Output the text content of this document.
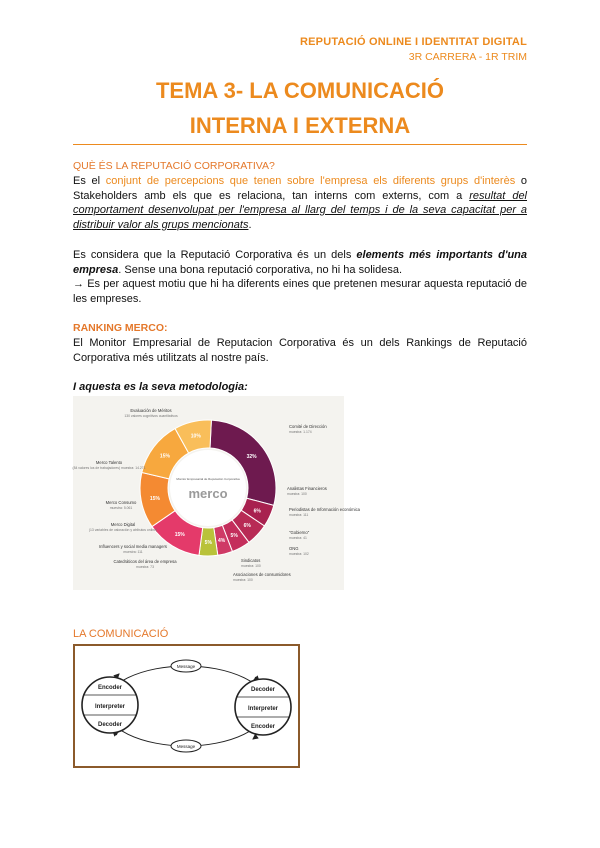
REPUTACIÓ ONLINE I IDENTITAT DIGITAL
3R CARRERA - 1R TRIM
TEMA 3- LA COMUNICACIÓ
INTERNA I EXTERNA
QUÈ ÉS LA REPUTACIÓ CORPORATIVA?
Es el conjunt de percepcions que tenen sobre l'empresa els diferents grups d'interès o Stakeholders amb els que es relaciona, tan interns com externs, com a resultat del comportament desenvolupat per l'empresa al llarg del temps i de la seva capacitat per a distribuir valor als grups mencionats.
Es considera que la Reputació Corporativa és un dels elements més importants d'una empresa. Sense una bona reputació corporativa, no hi ha solidesa.
→ Es per aquest motiu que hi ha diferents eines que pretenen mesurar aquesta reputació de les empreses.
RANKING MERCO:
El Monitor Empresarial de Reputacion Corporativa és un dels Rankings de Reputació Corporativa més utilitzats al nostre país.
I aquesta es la seva metodologia:
32%
6%
6%
5%
4%
5%
15%
15%
15%
10%
Monitor Empresarial de Reputación Corporativa
merco
Evaluación de Méritos
130 valores cognitivos cuantitativos
Comité de Dirección
muestra: 1.174
Merco Talento
(84 valores los de trabajadores) muestra: 14.271
Analistas Financieros
muestra: 100
Merco Consumo
muestra: 5.061	Periodistas de Información económica
muestra: 111
Merco Digital
(13 variables de valoración y atributos online)	"Gobierno"
muestra: 41
Influencers y social media managers
muestra: 111
ONG
muestra: 102
Sindicatos
muestra: 100
Catedráticos del área de empresa
muestra: 73
Asociaciones de consumidores
muestra: 100
LA COMUNICACIÓ
Encoder
Interpreter
Decoder
Decoder
Interpreter
Encoder
Message
Message
